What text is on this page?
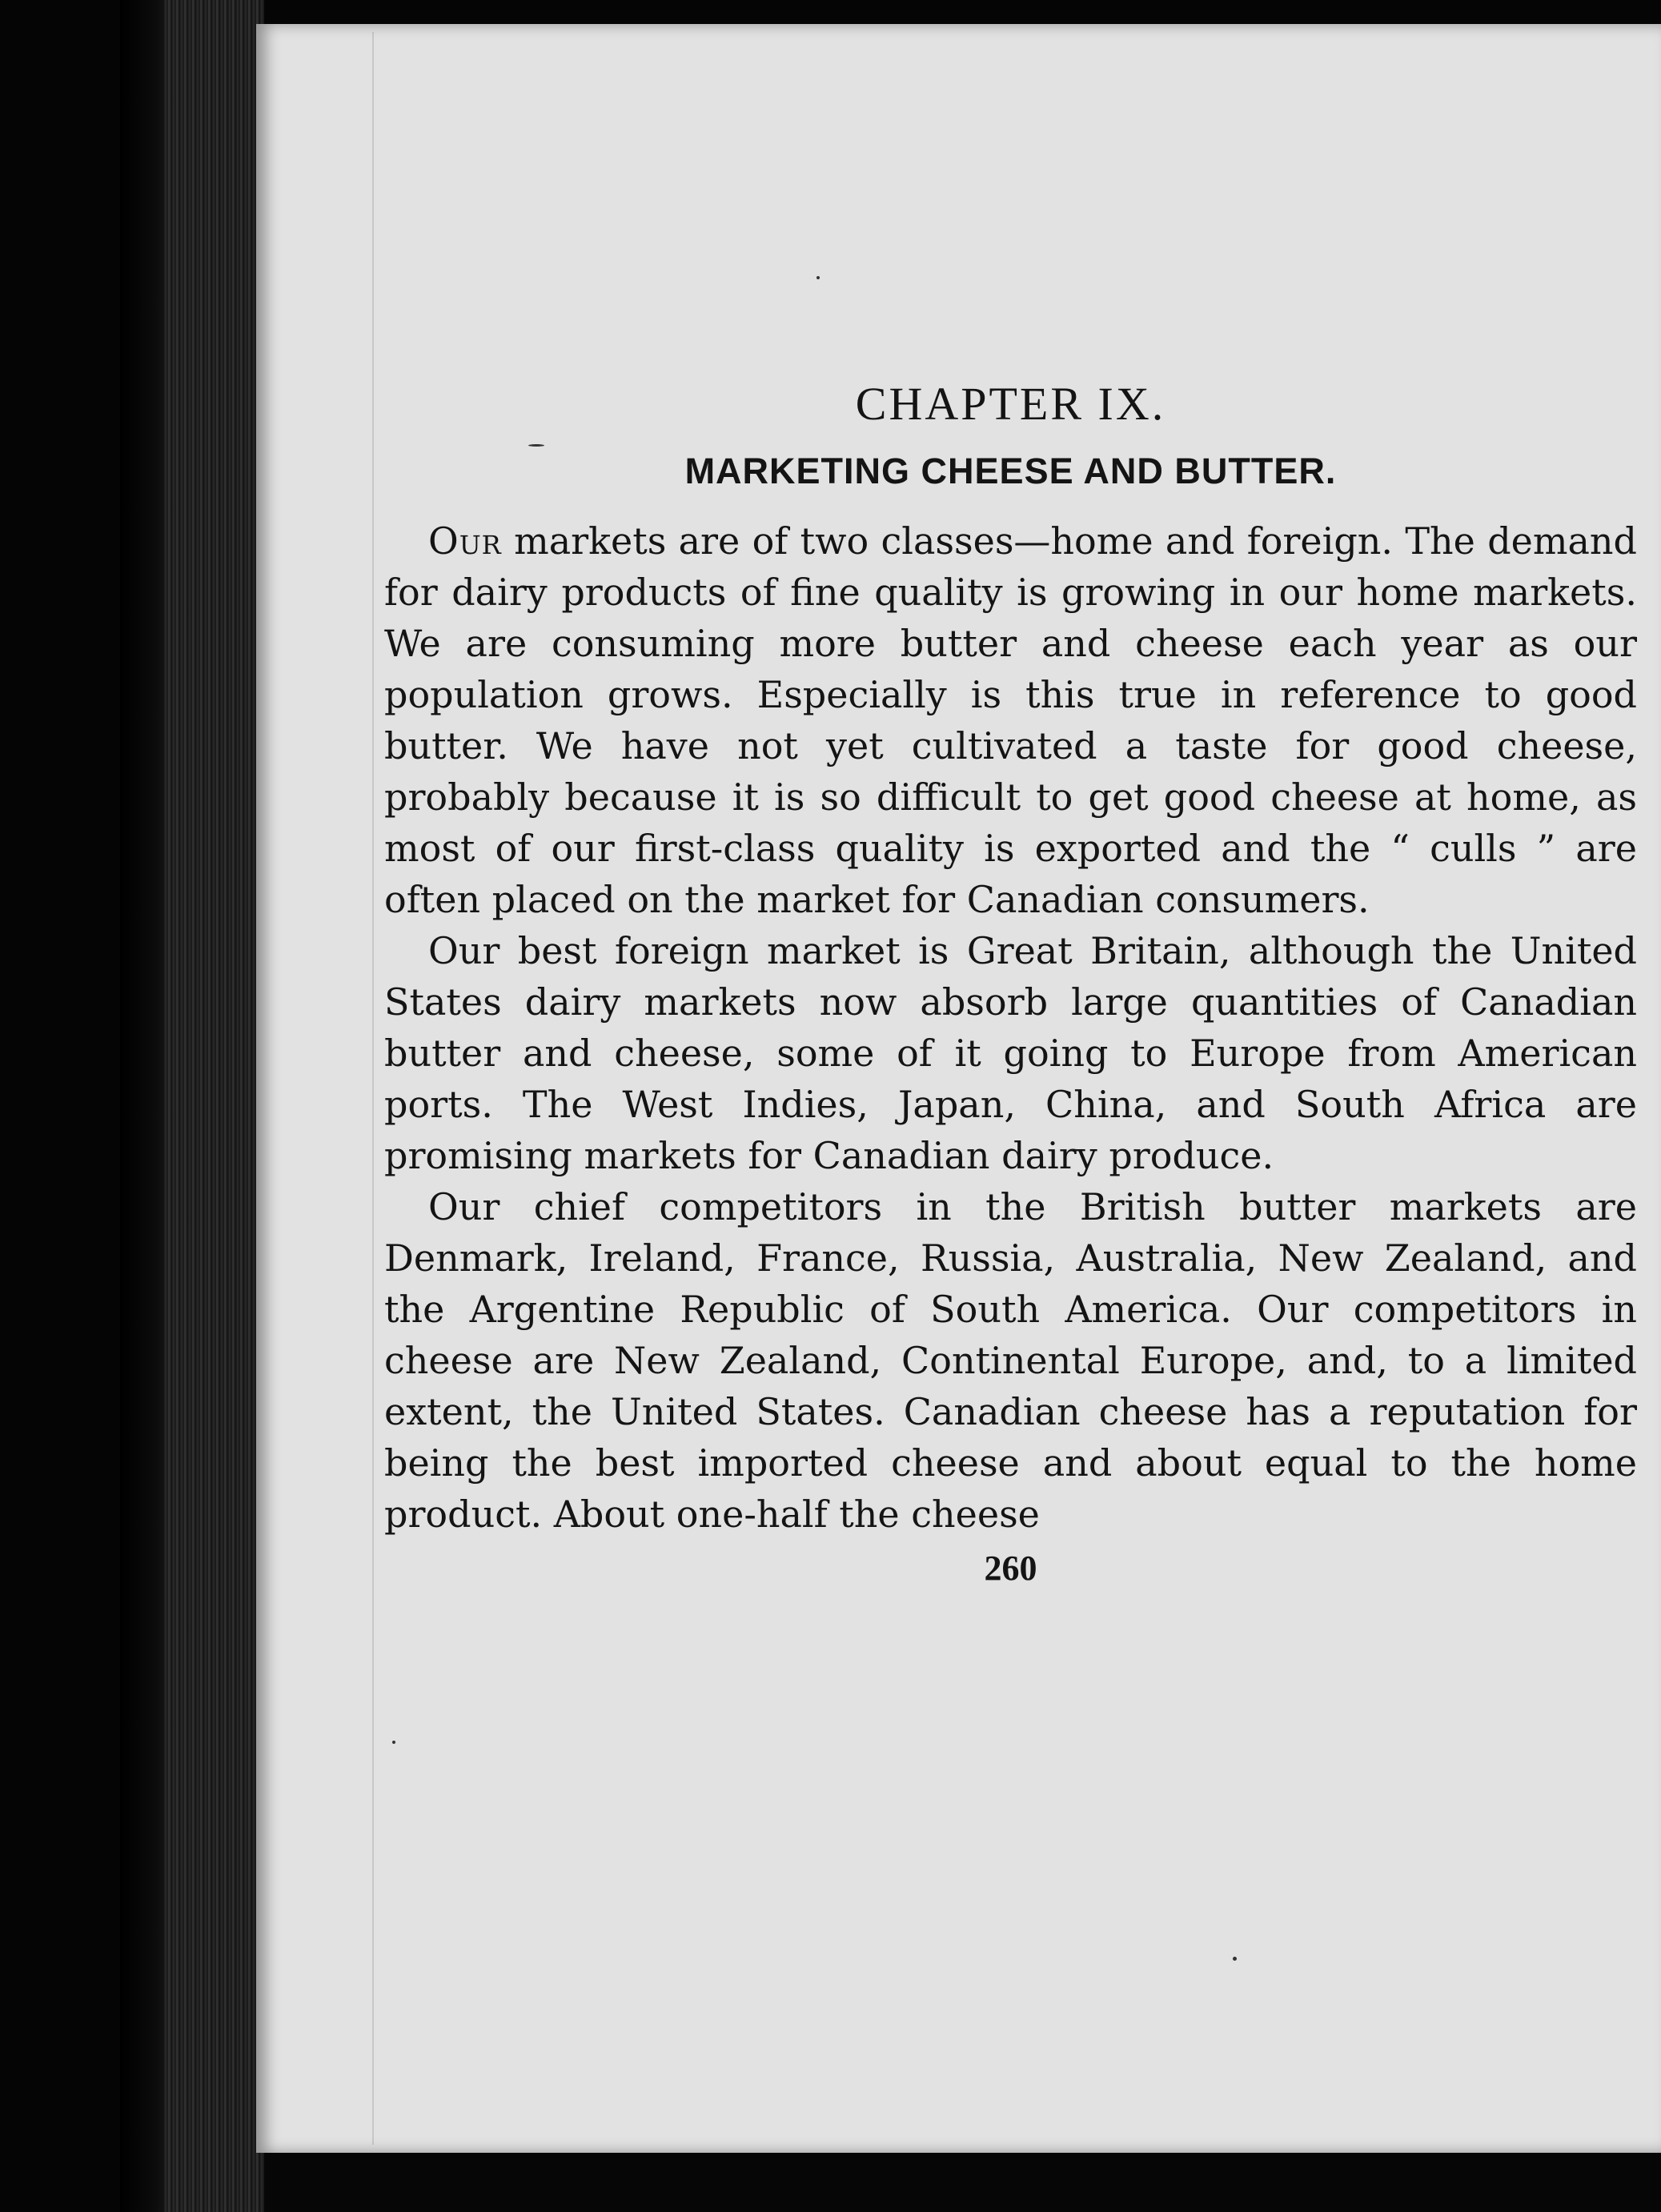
CHAPTER IX.
MARKETING CHEESE AND BUTTER.

Our markets are of two classes—home and foreign. The demand for dairy products of fine quality is growing in our home markets. We are consuming more butter and cheese each year as our population grows. Especially is this true in reference to good butter. We have not yet cultivated a taste for good cheese, probably because it is so difficult to get good cheese at home, as most of our first-class quality is exported and the “ culls ” are often placed on the market for Canadian consumers.

Our best foreign market is Great Britain, although the United States dairy markets now absorb large quantities of Canadian butter and cheese, some of it going to Europe from American ports. The West Indies, Japan, China, and South Africa are promising markets for Canadian dairy produce.

Our chief competitors in the British butter markets are Denmark, Ireland, France, Russia, Australia, New Zealand, and the Argentine Republic of South America. Our competitors in cheese are New Zealand, Continental Europe, and, to a limited extent, the United States. Canadian cheese has a reputation for being the best imported cheese and about equal to the home product. About one-half the cheese

260
